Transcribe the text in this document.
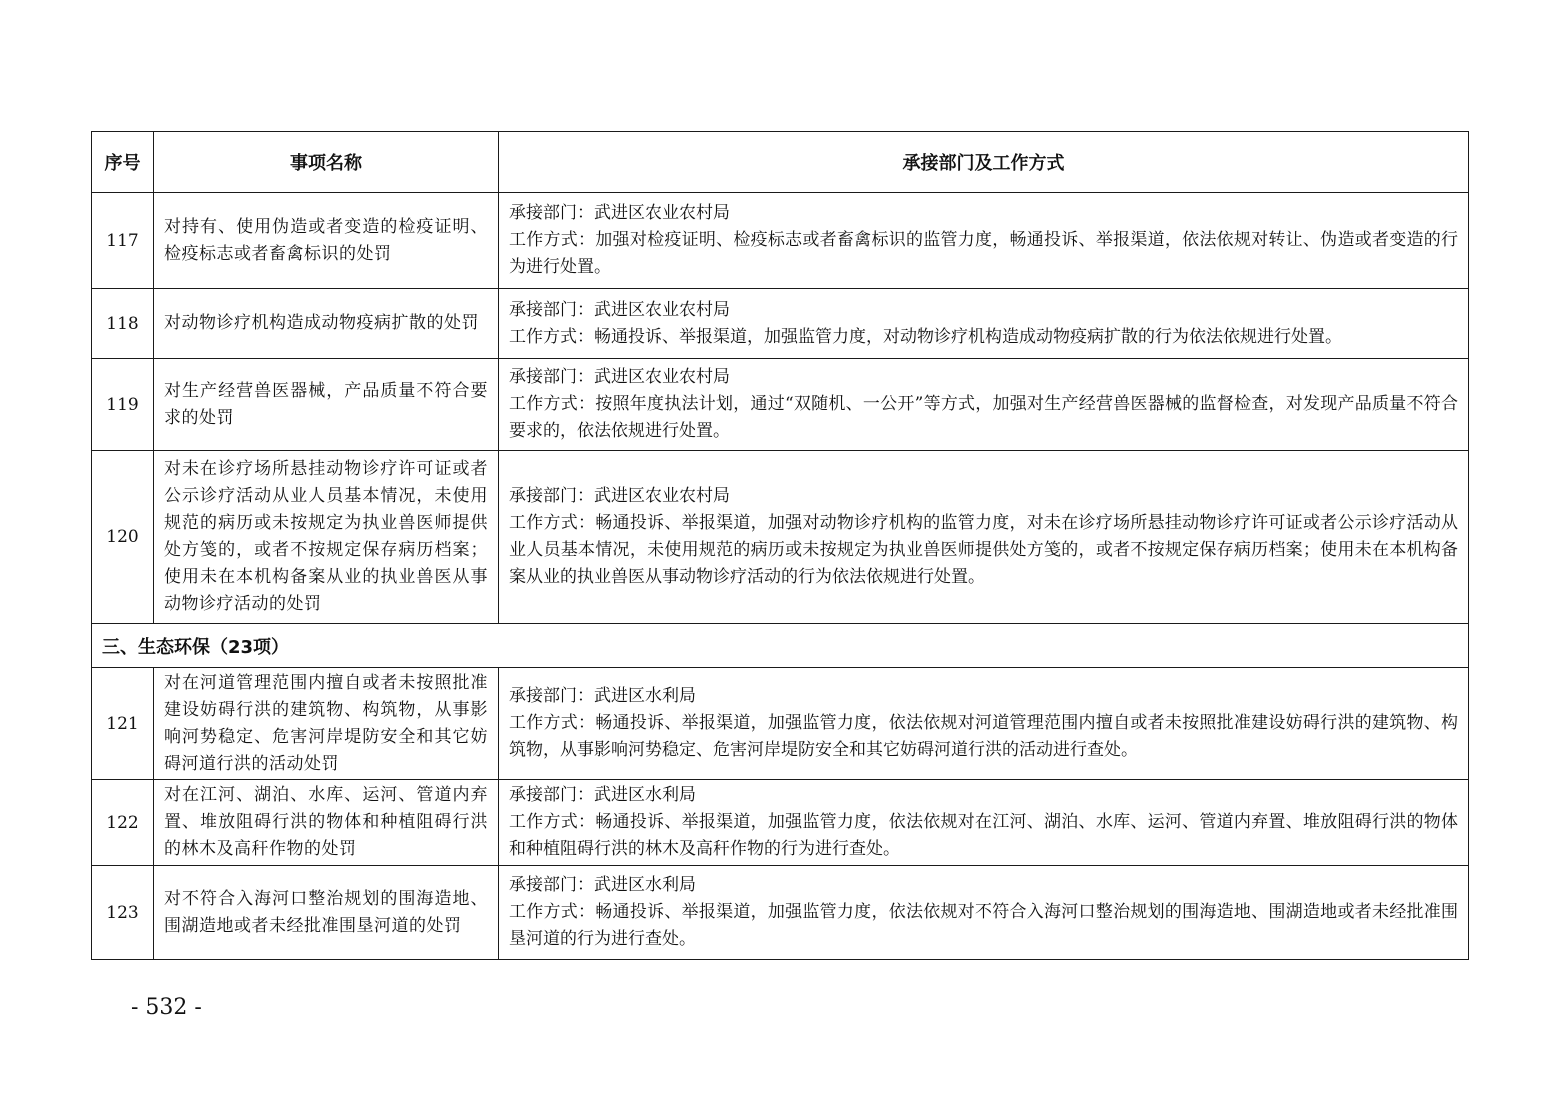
序号	事项名称	承接部门及工作方式
117	对持有、使用伪造或者变造的检疫证明、检疫标志或者畜禽标识的处罚	承接部门：武进区农业农村局
工作方式：加强对检疫证明、检疫标志或者畜禽标识的监管力度，畅通投诉、举报渠道，依法依规对转让、伪造或者变造的行为进行处置。

118	对动物诊疗机构造成动物疫病扩散的处罚	承接部门：武进区农业农村局
工作方式：畅通投诉、举报渠道，加强监管力度，对动物诊疗机构造成动物疫病扩散的行为依法依规进行处置。

119	对生产经营兽医器械，产品质量不符合要求的处罚	承接部门：武进区农业农村局
工作方式：按照年度执法计划，通过“双随机、一公开”等方式，加强对生产经营兽医器械的监督检查，对发现产品质量不符合要求的，依法依规进行处置。

120	对未在诊疗场所悬挂动物诊疗许可证或者公示诊疗活动从业人员基本情况，未使用规范的病历或未按规定为执业兽医师提供处方笺的，或者不按规定保存病历档案；使用未在本机构备案从业的执业兽医从事动物诊疗活动的处罚	承接部门：武进区农业农村局
工作方式：畅通投诉、举报渠道，加强对动物诊疗机构的监管力度，对未在诊疗场所悬挂动物诊疗许可证或者公示诊疗活动从业人员基本情况，未使用规范的病历或未按规定为执业兽医师提供处方笺的，或者不按规定保存病历档案；使用未在本机构备案从业的执业兽医从事动物诊疗活动的行为依法依规进行处置。

三、生态环保（23项）		
121	对在河道管理范围内擅自或者未按照批准建设妨碍行洪的建筑物、构筑物，从事影响河势稳定、危害河岸堤防安全和其它妨碍河道行洪的活动处罚	承接部门：武进区水利局
工作方式：畅通投诉、举报渠道，加强监管力度，依法依规对河道管理范围内擅自或者未按照批准建设妨碍行洪的建筑物、构筑物，从事影响河势稳定、危害河岸堤防安全和其它妨碍河道行洪的活动进行查处。

122	对在江河、湖泊、水库、运河、管道内弃置、堆放阻碍行洪的物体和种植阻碍行洪的林木及高秆作物的处罚	承接部门：武进区水利局
工作方式：畅通投诉、举报渠道，加强监管力度，依法依规对在江河、湖泊、水库、运河、管道内弃置、堆放阻碍行洪的物体和种植阻碍行洪的林木及高秆作物的行为进行查处。

123	对不符合入海河口整治规划的围海造地、围湖造地或者未经批准围垦河道的处罚	承接部门：武进区水利局
工作方式：畅通投诉、举报渠道，加强监管力度，依法依规对不符合入海河口整治规划的围海造地、围湖造地或者未经批准围垦河道的行为进行查处。
- 532 -
